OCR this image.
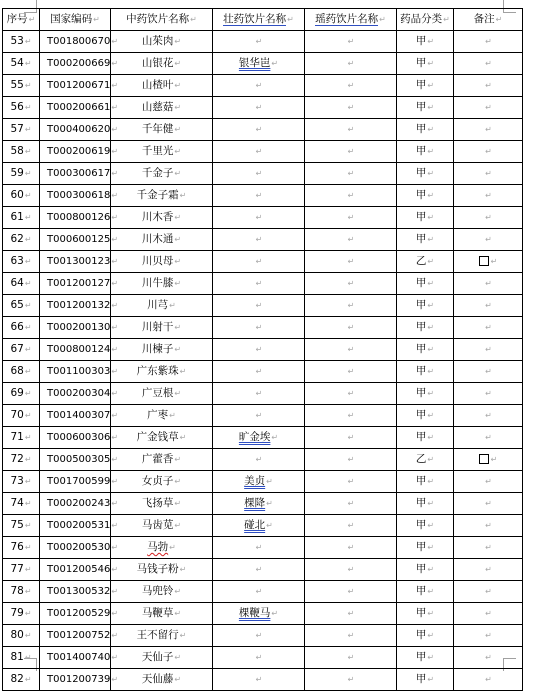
序号↵	国家编码↵	中药饮片名称↵	壮药饮片名称↵	瑶药饮片名称↵	药品分类↵	备注↵
53↵	T001800670↵	山茱肉↵	↵	↵	甲↵	↵
54↵	T000200669↵	山银花↵	银华岜↵	↵	甲↵	↵
55↵	T001200671↵	山楂叶↵	↵	↵	甲↵	↵
56↵	T000200661↵	山慈菇↵	↵	↵	甲↵	↵
57↵	T000400620↵	千年健↵	↵	↵	甲↵	↵
58↵	T000200619↵	千里光↵	↵	↵	甲↵	↵
59↵	T000300617↵	千金子↵	↵	↵	甲↵	↵
60↵	T000300618↵	千金子霜↵	↵	↵	甲↵	↵
61↵	T000800126↵	川木香↵	↵	↵	甲↵	↵
62↵	T000600125↵	川木通↵	↵	↵	甲↵	↵
63↵	T001300123↵	川贝母↵	↵	↵	乙↵	↵
64↵	T001200127↵	川牛膝↵	↵	↵	甲↵	↵
65↵	T001200132↵	川芎↵	↵	↵	甲↵	↵
66↵	T000200130↵	川射干↵	↵	↵	甲↵	↵
67↵	T000800124↵	川楝子↵	↵	↵	甲↵	↵
68↵	T001100303↵	广东紫珠↵	↵	↵	甲↵	↵
69↵	T000200304↵	广豆根↵	↵	↵	甲↵	↵
70↵	T001400307↵	广枣↵	↵	↵	甲↵	↵
71↵	T000600306↵	广金钱草↵	旷金埃↵	↵	甲↵	↵
72↵	T000500305↵	广藿香↵	↵	↵	乙↵	↵
73↵	T001700599↵	女贞子↵	美贞↵	↵	甲↵	↵
74↵	T000200243↵	飞扬草↵	棵降↵	↵	甲↵	↵
75↵	T000200531↵	马齿苋↵	碰北↵	↵	甲↵	↵
76↵	T000200530↵	马勃↵	↵	↵	甲↵	↵
77↵	T001200546↵	马钱子粉↵	↵	↵	甲↵	↵
78↵	T001300532↵	马兜铃↵	↵	↵	甲↵	↵
79↵	T001200529↵	马鞭草↵	棵鞭马↵	↵	甲↵	↵
80↵	T001200752↵	王不留行↵	↵	↵	甲↵	↵
81↵	T001400740↵	天仙子↵	↵	↵	甲↵	↵
82↵	T001200739↵	天仙藤↵	↵	↵	甲↵	↵
